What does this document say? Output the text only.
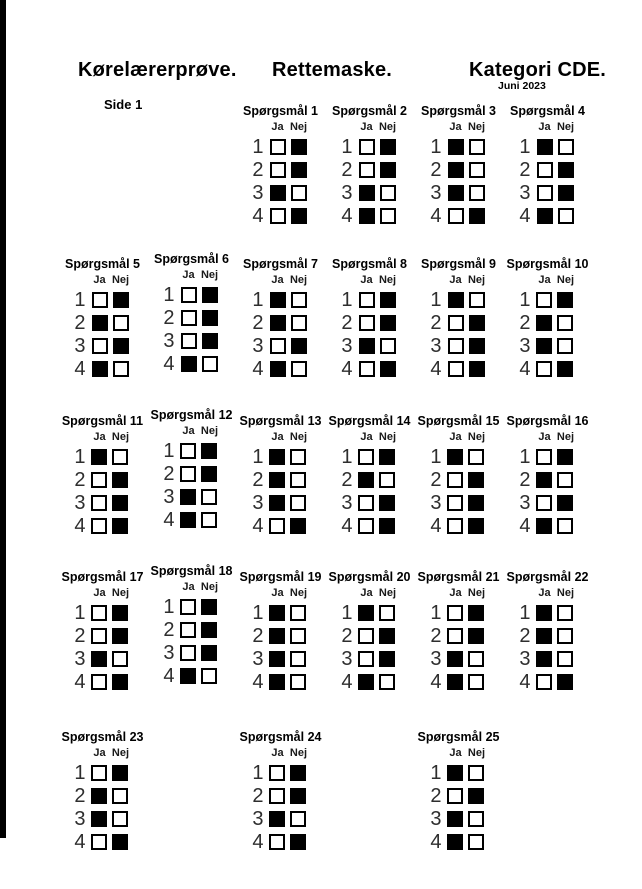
Kørelærerprøve. Rettemaske.	Kategori CDE.
Juni 2023
Side 1	Spørgsmål 1
Ja Nej
1
2
3
4
Spørgsmål 2
Ja Nej
1
2
3
4
Spørgsmål 3
Ja Nej
1
2
3
4
Spørgsmål 4
Ja Nej
1
2
3
4
Spørgsmål 5
Ja Nej
1
2
3
4
Spørgsmål 6
Ja Nej
1
2
3
4
Spørgsmål 7
Ja Nej
1
2
3
4
Spørgsmål 8
Ja Nej
1
2
3
4
Spørgsmål 9
Ja Nej
1
2
3
4
Spørgsmål 10
Ja Nej
1
2
3
4
Spørgsmål 11
Ja Nej
1
2
3
4
Spørgsmål 12
Ja Nej
1
2
3
4
Spørgsmål 13
Ja Nej
1
2
3
4
Spørgsmål 14
Ja Nej
1
2
3
4
Spørgsmål 15
Ja Nej
1
2
3
4
Spørgsmål 16
Ja Nej
1
2
3
4
Spørgsmål 17
Ja Nej
1
2
3
4
Spørgsmål 18
Ja Nej
1
2
3
4
Spørgsmål 19
Ja Nej
1
2
3
4
Spørgsmål 20
Ja Nej
1
2
3
4
Spørgsmål 21
Ja Nej
1
2
3
4
Spørgsmål 22
Ja Nej
1
2
3
4
Spørgsmål 23
Ja Nej
1
2
3
4
Spørgsmål 24
Ja Nej
1
2
3
4
Spørgsmål 25
Ja Nej
1
2
3
4
